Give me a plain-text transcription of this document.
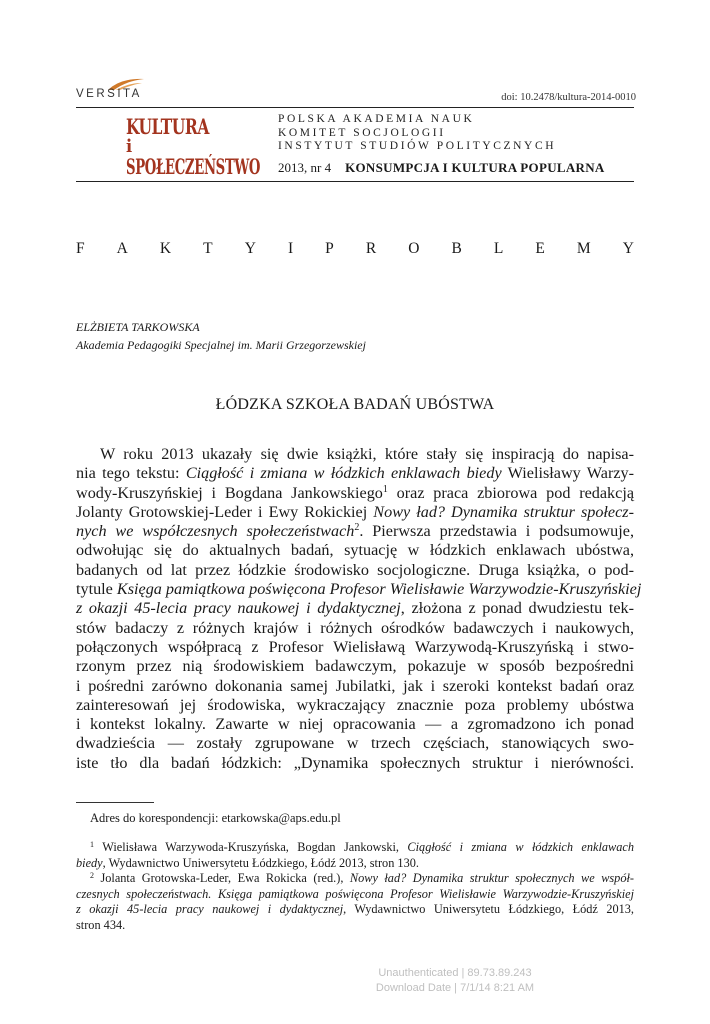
VERSITA	doi: 10.2478/kultura-2014-0010
KULTURA
i
SPOŁECZEŃSTWO
POLSKA AKADEMIA NAUK
KOMITET SOCJOLOGII
INSTYTUT STUDIÓW POLITYCZNYCH
2013, nr 4 KONSUMPCJA I KULTURA POPULARNA
F A K T Y I P R O B L E M Y
ELŻBIETA TARKOWSKA
Akademia Pedagogiki Specjalnej im. Marii Grzegorzewskiej
ŁÓDZKA SZKOŁA BADAŃ UBÓSTWA
W roku 2013 ukazały się dwie książki, które stały się inspiracją do napisa-
nia tego tekstu: Ciągłość i zmiana w łódzkich enklawach biedy Wielisławy Warzy-
wody-Kruszyńskiej i Bogdana Jankowskiego$^1$ oraz praca zbiorowa pod redakcją
Jolanty Grotowskiej-Leder i Ewy Rokickiej Nowy ład? Dynamika struktur społecz-
nych we współczesnych społeczeństwach$^2$. Pierwsza przedstawia i podsumowuje,
odwołując się do aktualnych badań, sytuację w łódzkich enklawach ubóstwa,
badanych od lat przez łódzkie środowisko socjologiczne. Druga książka, o pod-
tytule Księga pamiątkowa poświęcona Profesor Wielisławie Warzywodzie-Kruszyńskiej
z okazji 45-lecia pracy naukowej i dydaktycznej, złożona z ponad dwudziestu tek-
stów badaczy z różnych krajów i różnych ośrodków badawczych i naukowych,
połączonych współpracą z Profesor Wielisławą Warzywodą-Kruszyńską i stwo-
rzonym przez nią środowiskiem badawczym, pokazuje w sposób bezpośredni
i pośredni zarówno dokonania samej Jubilatki, jak i szeroki kontekst badań oraz
zainteresowań jej środowiska, wykraczający znacznie poza problemy ubóstwa
i kontekst lokalny. Zawarte w niej opracowania — a zgromadzono ich ponad
dwadzieścia — zostały zgrupowane w trzech częściach, stanowiących swo-
iste tło dla badań łódzkich: „Dynamika społecznych struktur i nierówności.
Adres do korespondencji: etarkowska@aps.edu.pl
$^1$ Wielisława Warzywoda-Kruszyńska, Bogdan Jankowski, Ciągłość i zmiana w łódzkich enklawach
biedy, Wydawnictwo Uniwersytetu Łódzkiego, Łódź 2013, stron 130.
$^2$ Jolanta Grotowska-Leder, Ewa Rokicka (red.), Nowy ład? Dynamika struktur społecznych we współ-
czesnych społeczeństwach. Księga pamiątkowa poświęcona Profesor Wielisławie Warzywodzie-Kruszyńskiej
z okazji 45-lecia pracy naukowej i dydaktycznej, Wydawnictwo Uniwersytetu Łódzkiego, Łódź 2013,
stron 434.
Unauthenticated | 89.73.89.243
Download Date | 7/1/14 8:21 AM
